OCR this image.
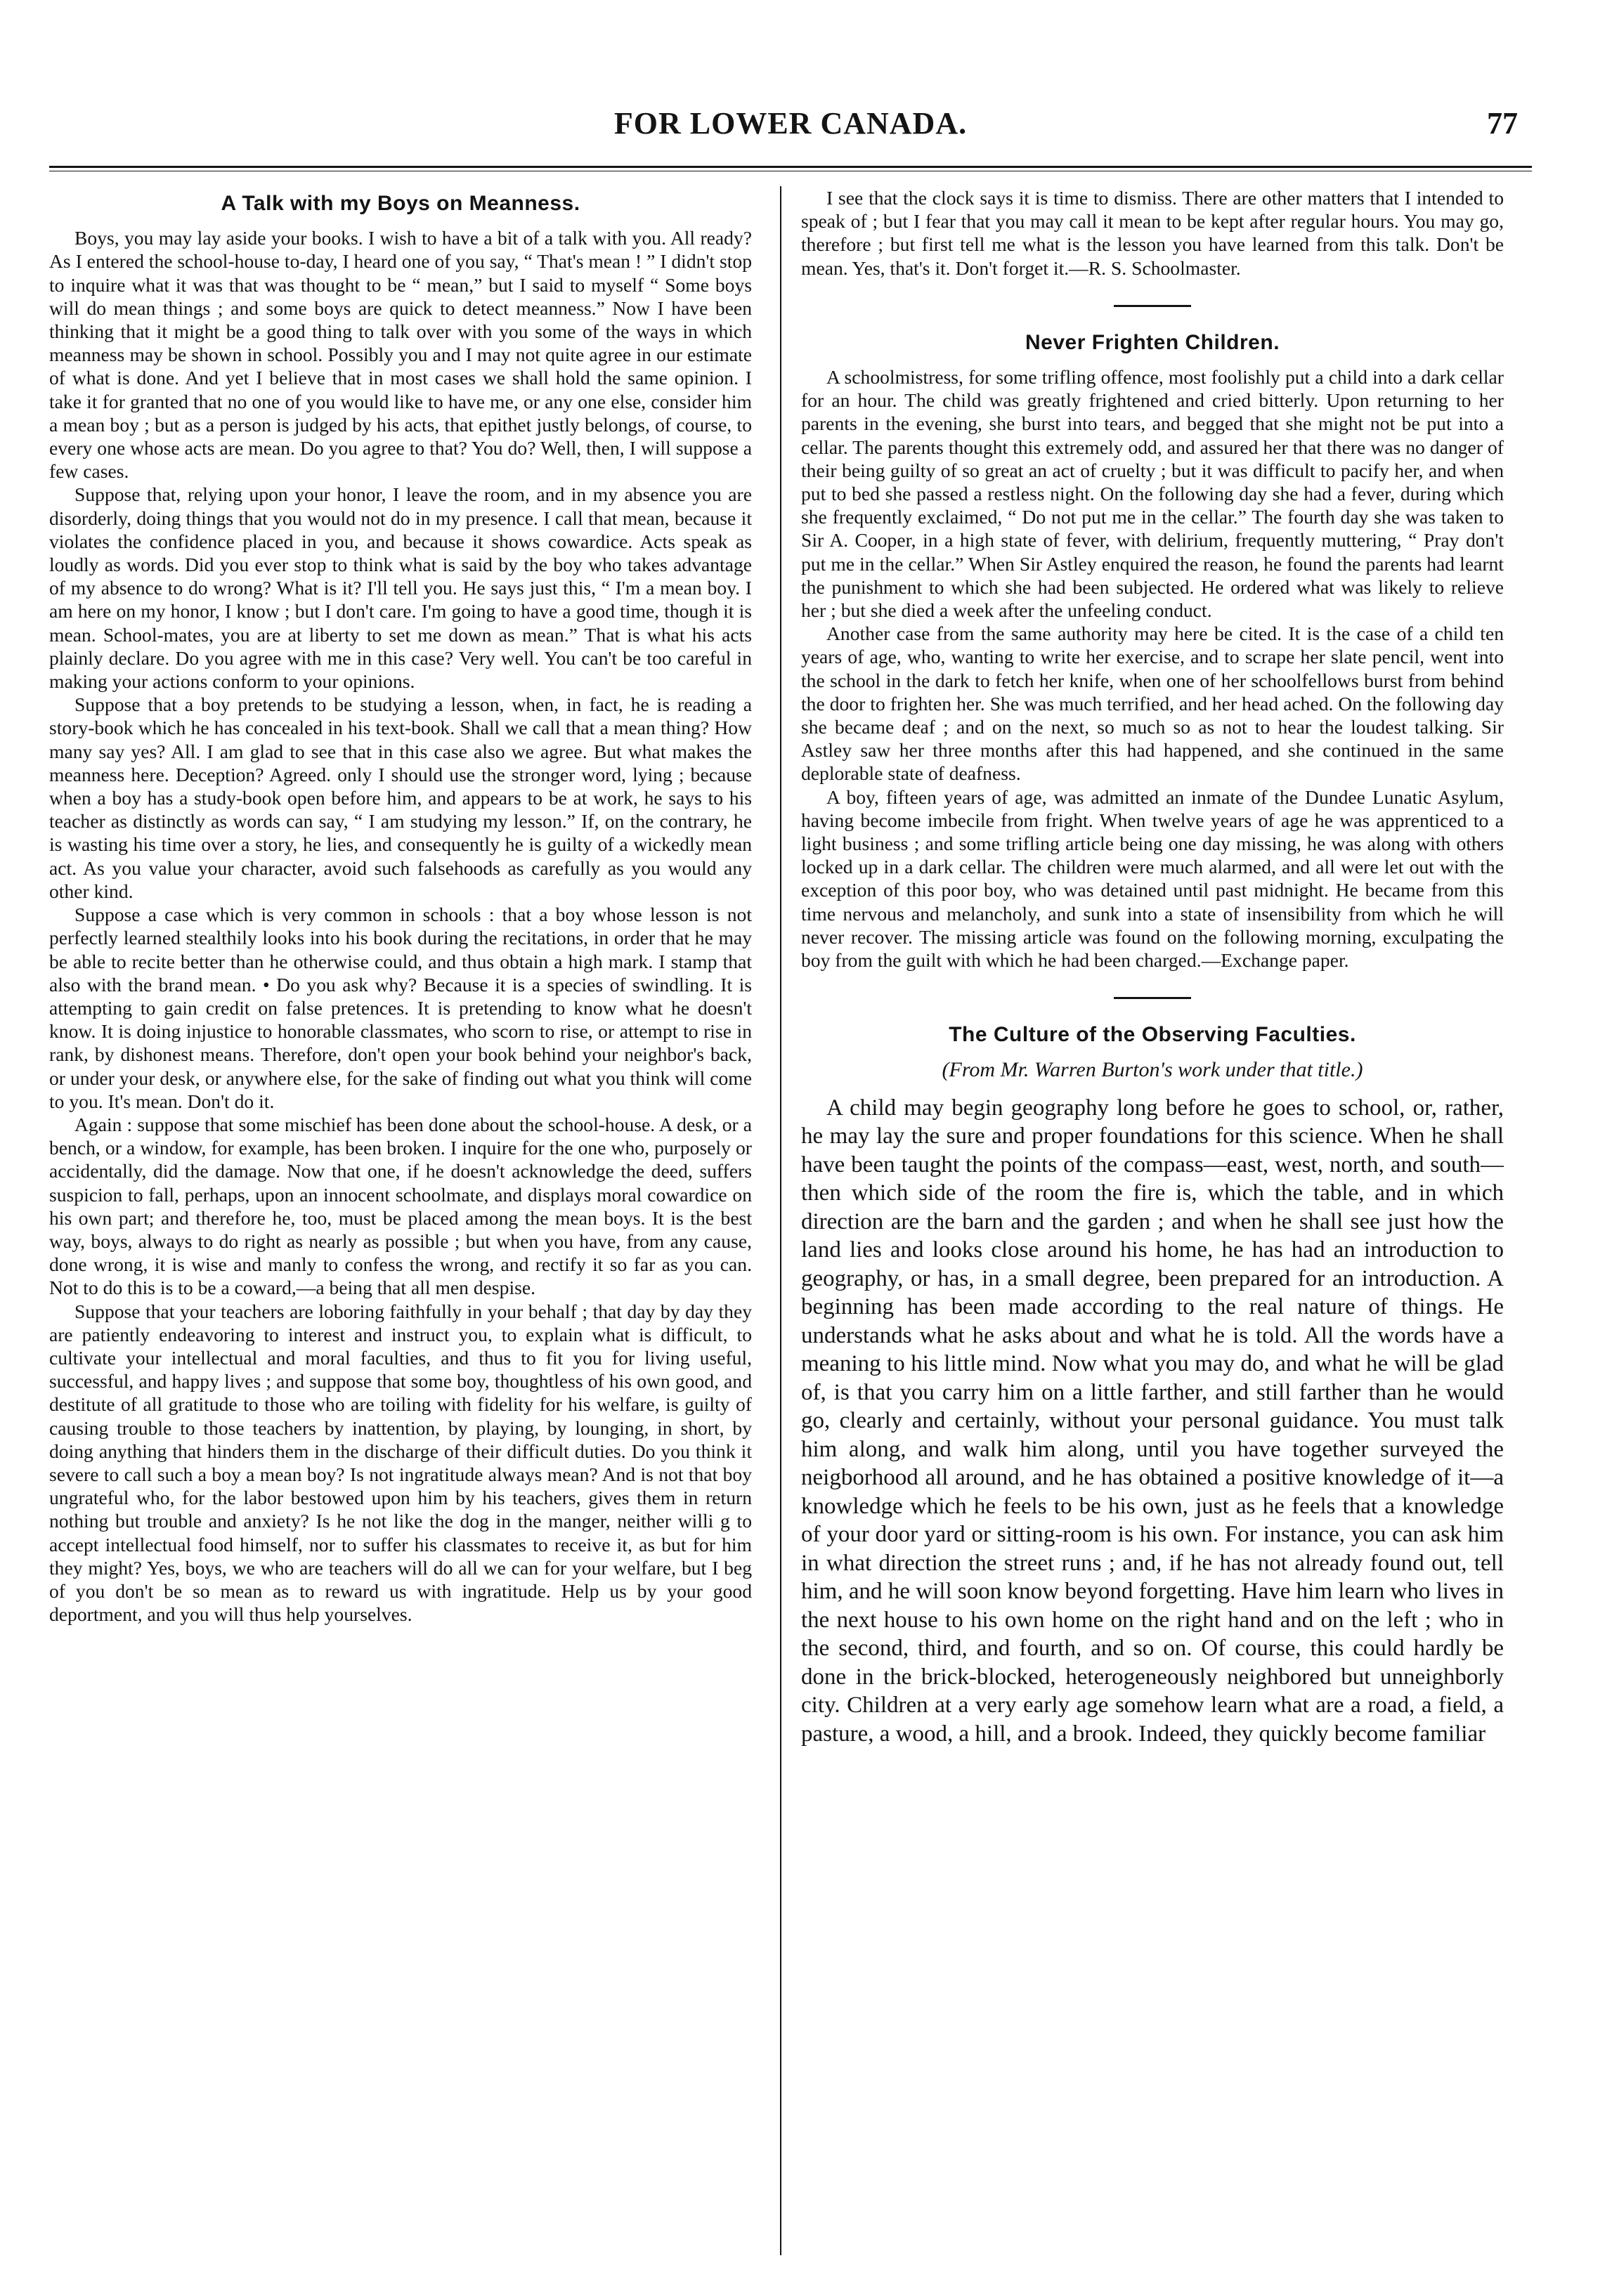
FOR LOWER CANADA.	77
A Talk with my Boys on Meanness.

Boys, you may lay aside your books. I wish to have a bit of a talk with you. All ready? As I entered the school-house to-day, I heard one of you say, “ That's mean ! ” I didn't stop to inquire what it was that was thought to be “ mean,” but I said to myself “ Some boys will do mean things ; and some boys are quick to detect meanness.” Now I have been thinking that it might be a good thing to talk over with you some of the ways in which meanness may be shown in school. Possibly you and I may not quite agree in our estimate of what is done. And yet I believe that in most cases we shall hold the same opinion. I take it for granted that no one of you would like to have me, or any one else, consider him a mean boy ; but as a person is judged by his acts, that epithet justly belongs, of course, to every one whose acts are mean. Do you agree to that? You do? Well, then, I will suppose a few cases.

Suppose that, relying upon your honor, I leave the room, and in my absence you are disorderly, doing things that you would not do in my presence. I call that mean, because it violates the confidence placed in you, and because it shows cowardice. Acts speak as loudly as words. Did you ever stop to think what is said by the boy who takes advantage of my absence to do wrong? What is it? I'll tell you. He says just this, “ I'm a mean boy. I am here on my honor, I know ; but I don't care. I'm going to have a good time, though it is mean. School-mates, you are at liberty to set me down as mean.” That is what his acts plainly declare. Do you agree with me in this case? Very well. You can't be too careful in making your actions conform to your opinions.

Suppose that a boy pretends to be studying a lesson, when, in fact, he is reading a story-book which he has concealed in his text-book. Shall we call that a mean thing? How many say yes? All. I am glad to see that in this case also we agree. But what makes the meanness here. Deception? Agreed. only I should use the stronger word, lying ; because when a boy has a study-book open before him, and appears to be at work, he says to his teacher as distinctly as words can say, “ I am studying my lesson.” If, on the contrary, he is wasting his time over a story, he lies, and consequently he is guilty of a wickedly mean act. As you value your character, avoid such falsehoods as carefully as you would any other kind.

Suppose a case which is very common in schools : that a boy whose lesson is not perfectly learned stealthily looks into his book during the recitations, in order that he may be able to recite better than he otherwise could, and thus obtain a high mark. I stamp that also with the brand mean. • Do you ask why? Because it is a species of swindling. It is attempting to gain credit on false pretences. It is pretending to know what he doesn't know. It is doing injustice to honorable classmates, who scorn to rise, or attempt to rise in rank, by dishonest means. Therefore, don't open your book behind your neighbor's back, or under your desk, or anywhere else, for the sake of finding out what you think will come to you. It's mean. Don't do it.

Again : suppose that some mischief has been done about the school-house. A desk, or a bench, or a window, for example, has been broken. I inquire for the one who, purposely or accidentally, did the damage. Now that one, if he doesn't acknowledge the deed, suffers suspicion to fall, perhaps, upon an innocent schoolmate, and displays moral cowardice on his own part; and therefore he, too, must be placed among the mean boys. It is the best way, boys, always to do right as nearly as possible ; but when you have, from any cause, done wrong, it is wise and manly to confess the wrong, and rectify it so far as you can. Not to do this is to be a coward,—a being that all men despise.

Suppose that your teachers are loboring faithfully in your behalf ; that day by day they are patiently endeavoring to interest and instruct you, to explain what is difficult, to cultivate your intellectual and moral faculties, and thus to fit you for living useful, successful, and happy lives ; and suppose that some boy, thoughtless of his own good, and destitute of all gratitude to those who are toiling with fidelity for his welfare, is guilty of causing trouble to those teachers by inattention, by playing, by lounging, in short, by doing anything that hinders them in the discharge of their difficult duties. Do you think it severe to call such a boy a mean boy? Is not ingratitude always mean? And is not that boy ungrateful who, for the labor bestowed upon him by his teachers, gives them in return nothing but trouble and anxiety? Is he not like the dog in the manger, neither willi g to accept intellectual food himself, nor to suffer his classmates to receive it, as but for him they might? Yes, boys, we who are teachers will do all we can for your welfare, but I beg of you don't be so mean as to reward us with ingratitude. Help us by your good deportment, and you will thus help yourselves.

I see that the clock says it is time to dismiss. There are other matters that I intended to speak of ; but I fear that you may call it mean to be kept after regular hours. You may go, therefore ; but first tell me what is the lesson you have learned from this talk. Don't be mean. Yes, that's it. Don't forget it.—R. S. Schoolmaster.

Never Frighten Children.

A schoolmistress, for some trifling offence, most foolishly put a child into a dark cellar for an hour. The child was greatly frightened and cried bitterly. Upon returning to her parents in the evening, she burst into tears, and begged that she might not be put into a cellar. The parents thought this extremely odd, and assured her that there was no danger of their being guilty of so great an act of cruelty ; but it was difficult to pacify her, and when put to bed she passed a restless night. On the following day she had a fever, during which she frequently exclaimed, “ Do not put me in the cellar.” The fourth day she was taken to Sir A. Cooper, in a high state of fever, with delirium, frequently muttering, “ Pray don't put me in the cellar.” When Sir Astley enquired the reason, he found the parents had learnt the punishment to which she had been subjected. He ordered what was likely to relieve her ; but she died a week after the unfeeling conduct.

Another case from the same authority may here be cited. It is the case of a child ten years of age, who, wanting to write her exercise, and to scrape her slate pencil, went into the school in the dark to fetch her knife, when one of her schoolfellows burst from behind the door to frighten her. She was much terrified, and her head ached. On the following day she became deaf ; and on the next, so much so as not to hear the loudest talking. Sir Astley saw her three months after this had happened, and she continued in the same deplorable state of deafness.

A boy, fifteen years of age, was admitted an inmate of the Dundee Lunatic Asylum, having become imbecile from fright. When twelve years of age he was apprenticed to a light business ; and some trifling article being one day missing, he was along with others locked up in a dark cellar. The children were much alarmed, and all were let out with the exception of this poor boy, who was detained until past midnight. He became from this time nervous and melancholy, and sunk into a state of insensibility from which he will never recover. The missing article was found on the following morning, exculpating the boy from the guilt with which he had been charged.—Exchange paper.

The Culture of the Observing Faculties.
(From Mr. Warren Burton's work under that title.)

A child may begin geography long before he goes to school, or, rather, he may lay the sure and proper foundations for this science. When he shall have been taught the points of the compass—east, west, north, and south—then which side of the room the fire is, which the table, and in which direction are the barn and the garden ; and when he shall see just how the land lies and looks close around his home, he has had an introduction to geography, or has, in a small degree, been prepared for an introduction. A beginning has been made according to the real nature of things. He understands what he asks about and what he is told. All the words have a meaning to his little mind. Now what you may do, and what he will be glad of, is that you carry him on a little farther, and still farther than he would go, clearly and certainly, without your personal guidance. You must talk him along, and walk him along, until you have together surveyed the neigborhood all around, and he has obtained a positive knowledge of it—a knowledge which he feels to be his own, just as he feels that a knowledge of your door yard or sitting-room is his own. For instance, you can ask him in what direction the street runs ; and, if he has not already found out, tell him, and he will soon know beyond forgetting. Have him learn who lives in the next house to his own home on the right hand and on the left ; who in the second, third, and fourth, and so on. Of course, this could hardly be done in the brick-blocked, heterogeneously neighbored but unneighborly city. Children at a very early age somehow learn what are a road, a field, a pasture, a wood, a hill, and a brook. Indeed, they quickly become familiar
